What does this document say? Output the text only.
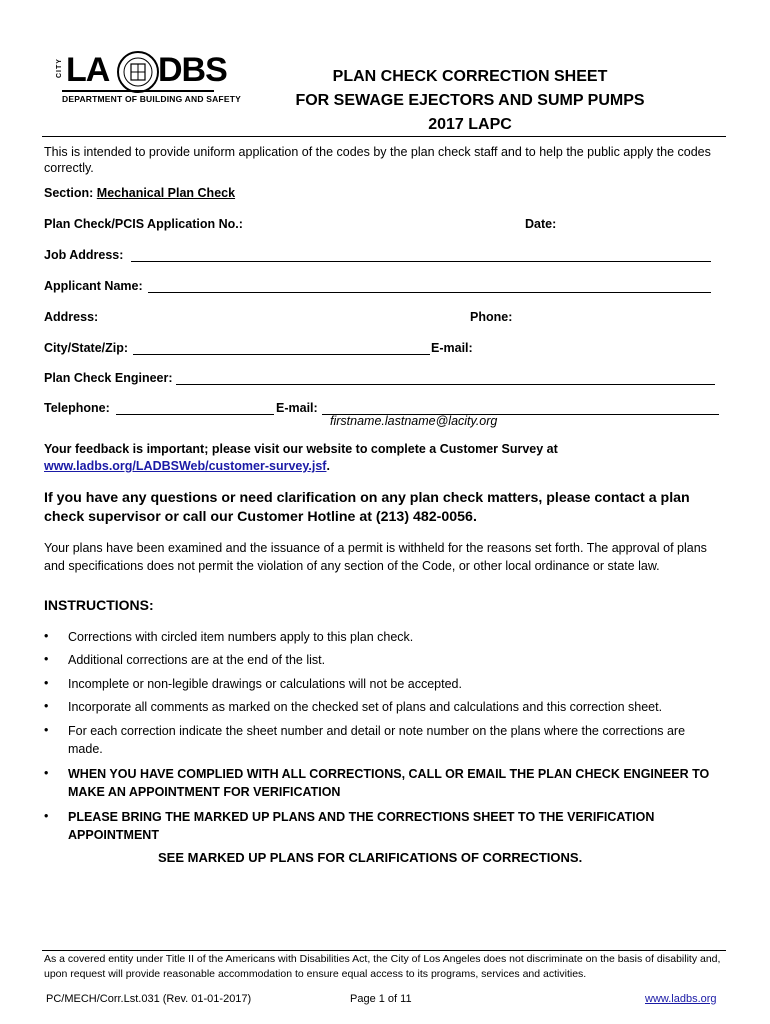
CITY LA DBS
DEPARTMENT OF BUILDING AND SAFETY
PLAN CHECK CORRECTION SHEET
FOR SEWAGE EJECTORS AND SUMP PUMPS
2017 LAPC
This is intended to provide uniform application of the codes by the plan check staff and to help the public apply the codes correctly.
Section: Mechanical Plan Check
Plan Check/PCIS Application No.:	Date:
Job Address:
Applicant Name:
Address:	Phone:
City/State/Zip:	E-mail:
Plan Check Engineer:
Telephone:	E-mail:
firstname.lastname@lacity.org
Your feedback is important; please visit our website to complete a Customer Survey at
www.ladbs.org/LADBSWeb/customer-survey.jsf.
If you have any questions or need clarification on any plan check matters, please contact a plan check supervisor or call our Customer Hotline at (213) 482-0056.
Your plans have been examined and the issuance of a permit is withheld for the reasons set forth. The approval of plans and specifications does not permit the violation of any section of the Code, or other local ordinance or state law.
INSTRUCTIONS:
• Corrections with circled item numbers apply to this plan check.
• Additional corrections are at the end of the list.
• Incomplete or non-legible drawings or calculations will not be accepted.
• Incorporate all comments as marked on the checked set of plans and calculations and this correction sheet.
• For each correction indicate the sheet number and detail or note number on the plans where the corrections are made.
• WHEN YOU HAVE COMPLIED WITH ALL CORRECTIONS, CALL OR EMAIL THE PLAN CHECK ENGINEER TO MAKE AN APPOINTMENT FOR VERIFICATION
• PLEASE BRING THE MARKED UP PLANS AND THE CORRECTIONS SHEET TO THE VERIFICATION APPOINTMENT
SEE MARKED UP PLANS FOR CLARIFICATIONS OF CORRECTIONS.
As a covered entity under Title II of the Americans with Disabilities Act, the City of Los Angeles does not discriminate on the basis of disability and, upon request will provide reasonable accommodation to ensure equal access to its programs, services and activities.
PC/MECH/Corr.Lst.031 (Rev. 01-01-2017)	Page 1 of 11	www.ladbs.org
